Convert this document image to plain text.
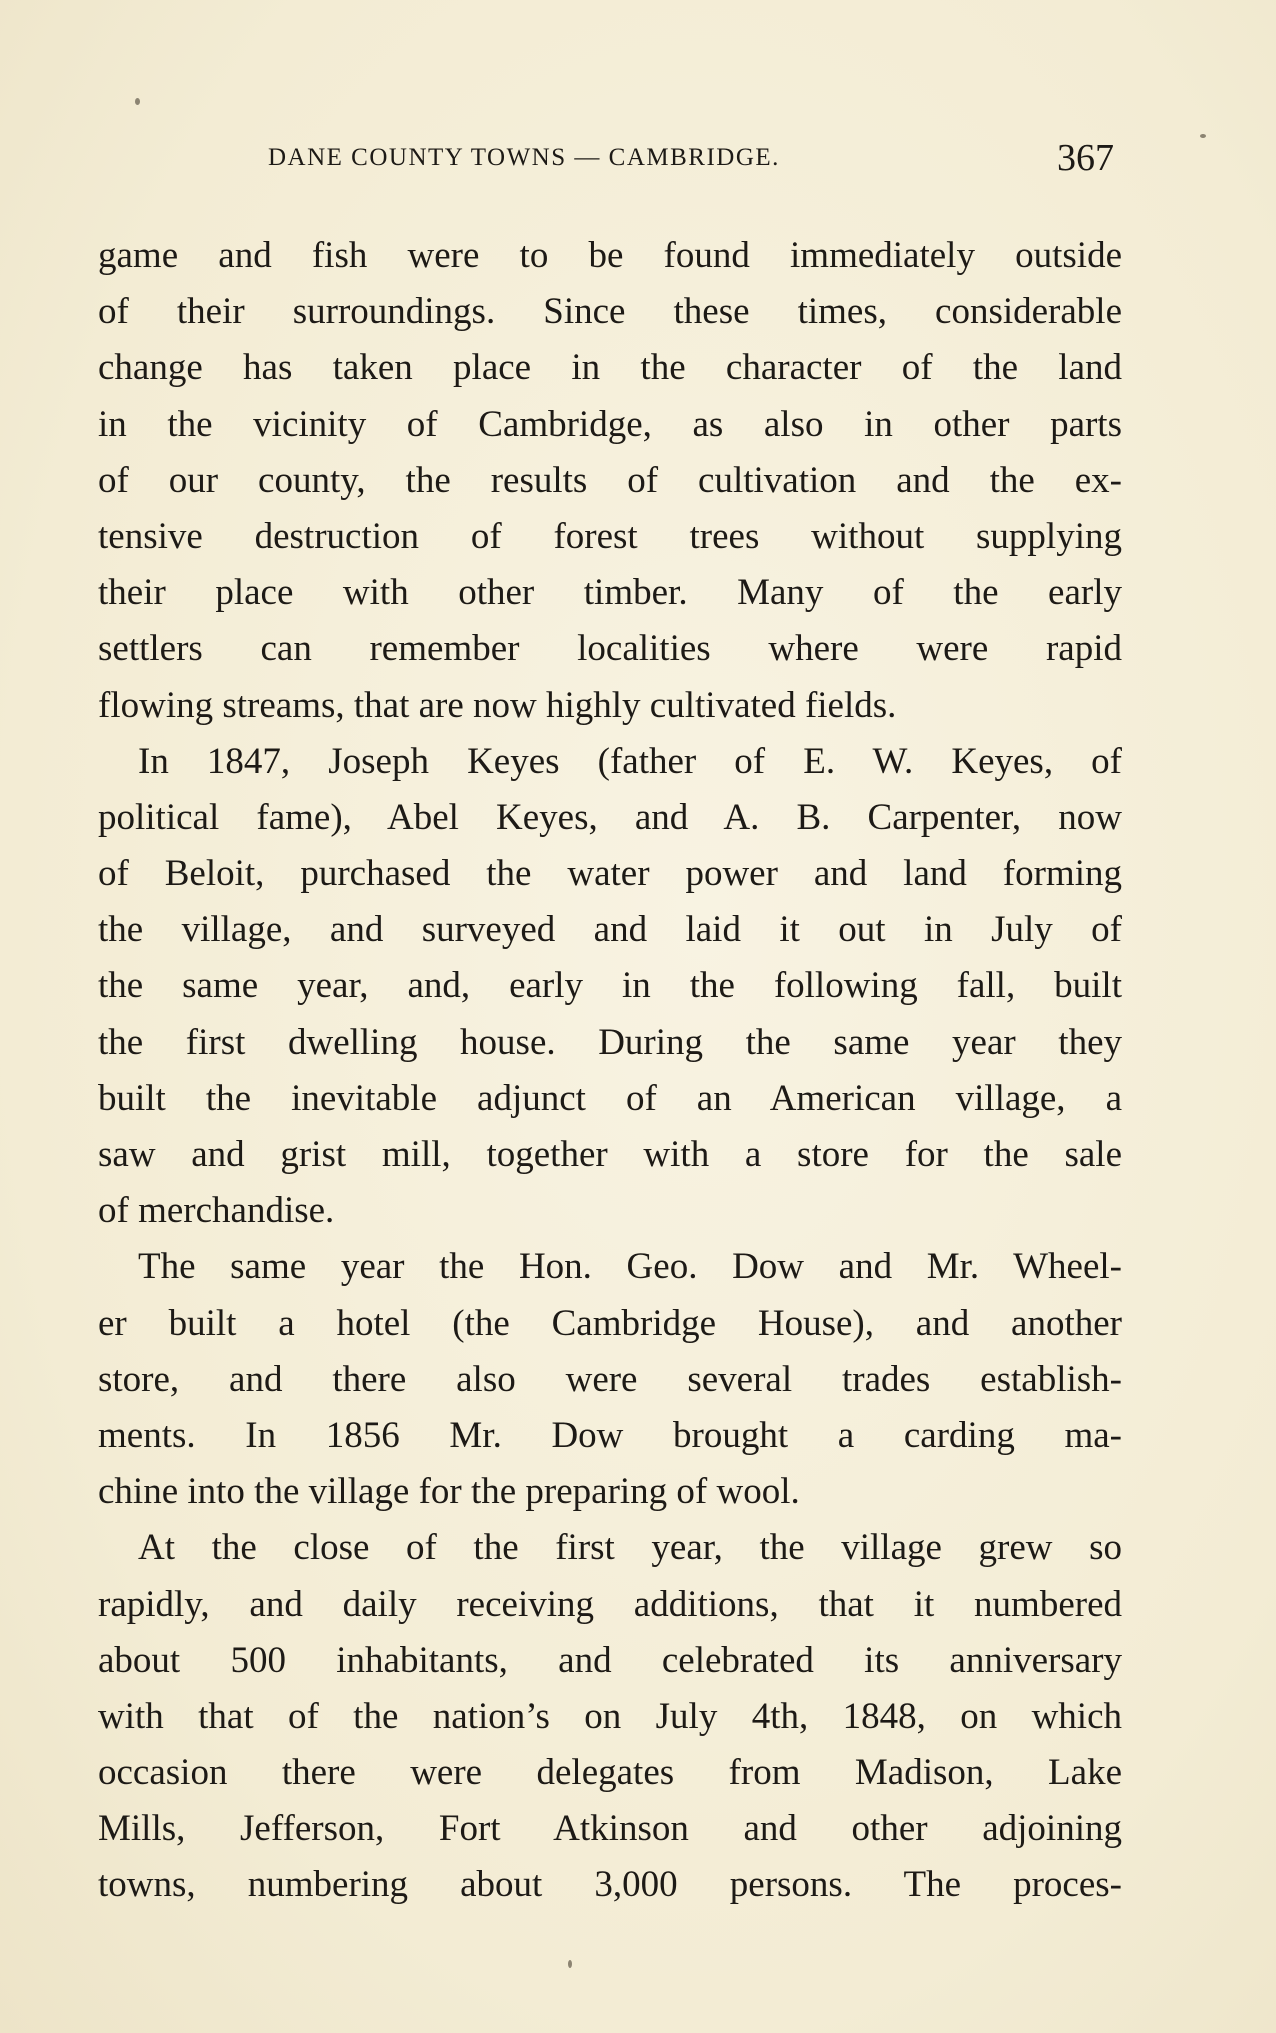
DANE COUNTY TOWNS — CAMBRIDGE.	367
game and fish were to be found immediately outside
of their surroundings. Since these times, considerable
change has taken place in the character of the land
in the vicinity of Cambridge, as also in other parts
of our county, the results of cultivation and the ex-
tensive destruction of forest trees without supplying
their place with other timber. Many of the early
settlers can remember localities where were rapid
flowing streams, that are now highly cultivated fields.
In 1847, Joseph Keyes (father of E. W. Keyes, of
political fame), Abel Keyes, and A. B. Carpenter, now
of Beloit, purchased the water power and land forming
the village, and surveyed and laid it out in July of
the same year, and, early in the following fall, built
the first dwelling house. During the same year they
built the inevitable adjunct of an American village, a
saw and grist mill, together with a store for the sale
of merchandise.
The same year the Hon. Geo. Dow and Mr. Wheel-
er built a hotel (the Cambridge House), and another
store, and there also were several trades establish-
ments. In 1856 Mr. Dow brought a carding ma-
chine into the village for the preparing of wool.
At the close of the first year, the village grew so
rapidly, and daily receiving additions, that it numbered
about 500 inhabitants, and celebrated its anniversary
with that of the nation’s on July 4th, 1848, on which
occasion there were delegates from Madison, Lake
Mills, Jefferson, Fort Atkinson and other adjoining
towns, numbering about 3,000 persons. The proces-
